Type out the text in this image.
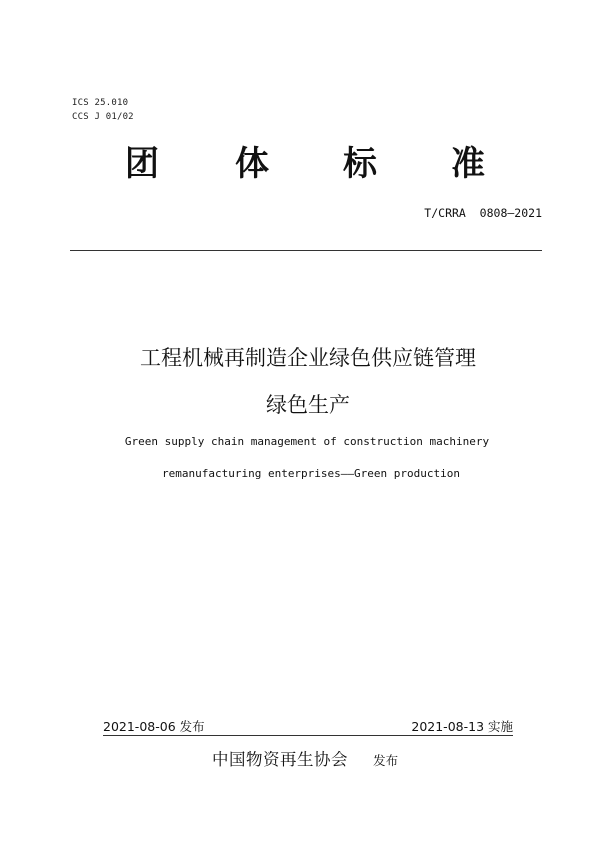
ICS 25.010
CCS J 01/02
团 体 标 准
T/CRRA  0808—2021
工程机械再制造企业绿色供应链管理
绿色生产
Green supply chain management of construction machinery
remanufacturing enterprises——Green production
2021-08-06 发布	2021-08-13 实施
中国物资再生协会 发布
